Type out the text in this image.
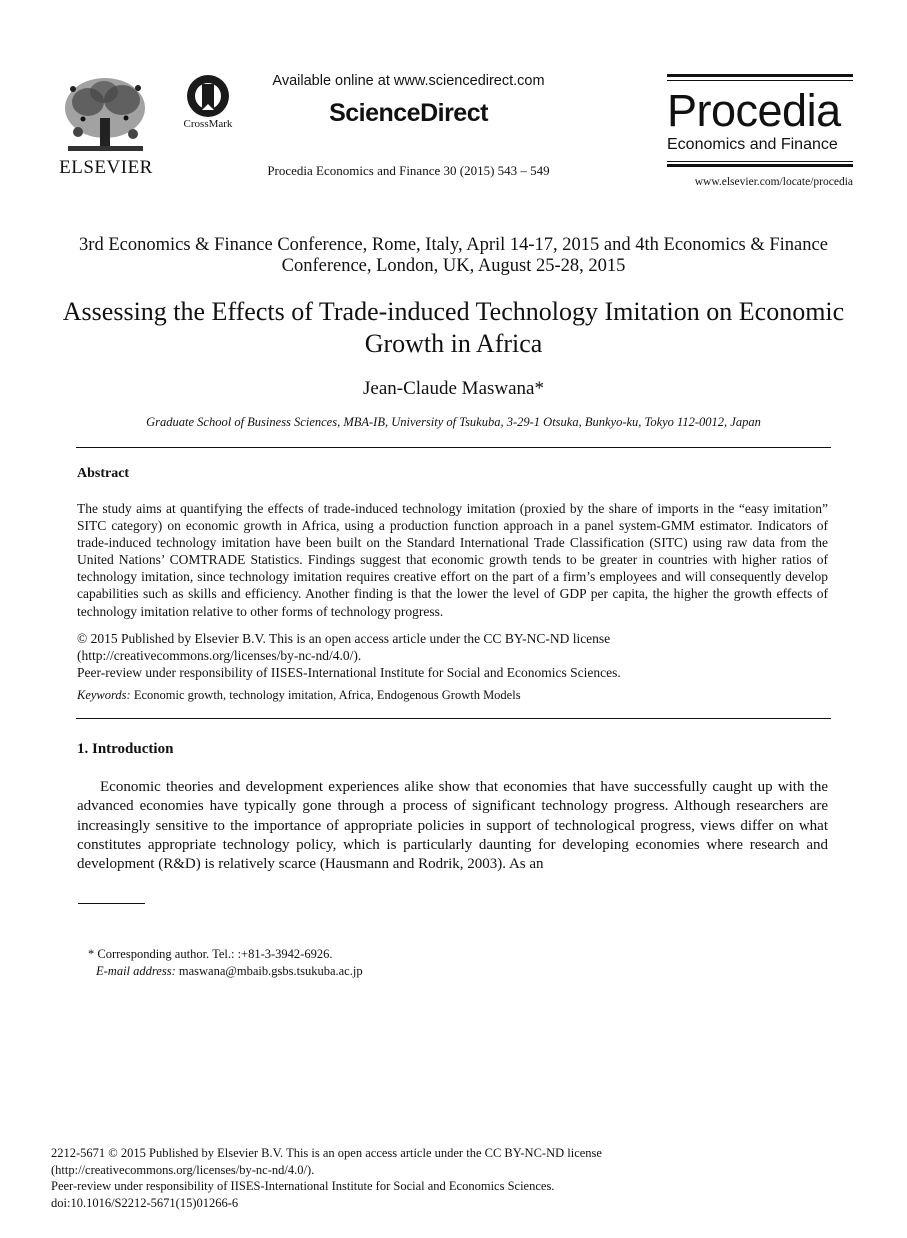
ELSEVIER
CrossMark
Available online at www.sciencedirect.com
ScienceDirect
Procedia Economics and Finance 30 (2015) 543 – 549
Procedia
Economics and Finance
www.elsevier.com/locate/procedia
3rd Economics & Finance Conference, Rome, Italy, April 14-17, 2015 and 4th Economics & Finance Conference, London, UK, August 25-28, 2015
Assessing the Effects of Trade-induced Technology Imitation on Economic Growth in Africa
Jean-Claude Maswana*
Graduate School of Business Sciences, MBA-IB, University of Tsukuba, 3-29-1 Otsuka, Bunkyo-ku, Tokyo 112-0012, Japan
Abstract
The study aims at quantifying the effects of trade-induced technology imitation (proxied by the share of imports in the “easy imitation” SITC category) on economic growth in Africa, using a production function approach in a panel system-GMM estimator. Indicators of trade-induced technology imitation have been built on the Standard International Trade Classification (SITC) using raw data from the United Nations’ COMTRADE Statistics. Findings suggest that economic growth tends to be greater in countries with higher ratios of technology imitation, since technology imitation requires creative effort on the part of a firm’s employees and will consequently develop capabilities such as skills and efficiency. Another finding is that the lower the level of GDP per capita, the higher the growth effects of technology imitation relative to other forms of technology progress.
© 2015 Published by Elsevier B.V. This is an open access article under the CC BY-NC-ND license
(http://creativecommons.org/licenses/by-nc-nd/4.0/).
Peer-review under responsibility of IISES-International Institute for Social and Economics Sciences.
Keywords: Economic growth, technology imitation, Africa, Endogenous Growth Models
1. Introduction
Economic theories and development experiences alike show that economies that have successfully caught up with the advanced economies have typically gone through a process of significant technology progress. Although researchers are increasingly sensitive to the importance of appropriate policies in support of technological progress, views differ on what constitutes appropriate technology policy, which is particularly daunting for developing economies where research and development (R&D) is relatively scarce (Hausmann and Rodrik, 2003). As an
* Corresponding author. Tel.: :+81-3-3942-6926.
E-mail address: maswana@mbaib.gsbs.tsukuba.ac.jp
2212-5671 © 2015 Published by Elsevier B.V. This is an open access article under the CC BY-NC-ND license
(http://creativecommons.org/licenses/by-nc-nd/4.0/).
Peer-review under responsibility of IISES-International Institute for Social and Economics Sciences.
doi:10.1016/S2212-5671(15)01266-6
